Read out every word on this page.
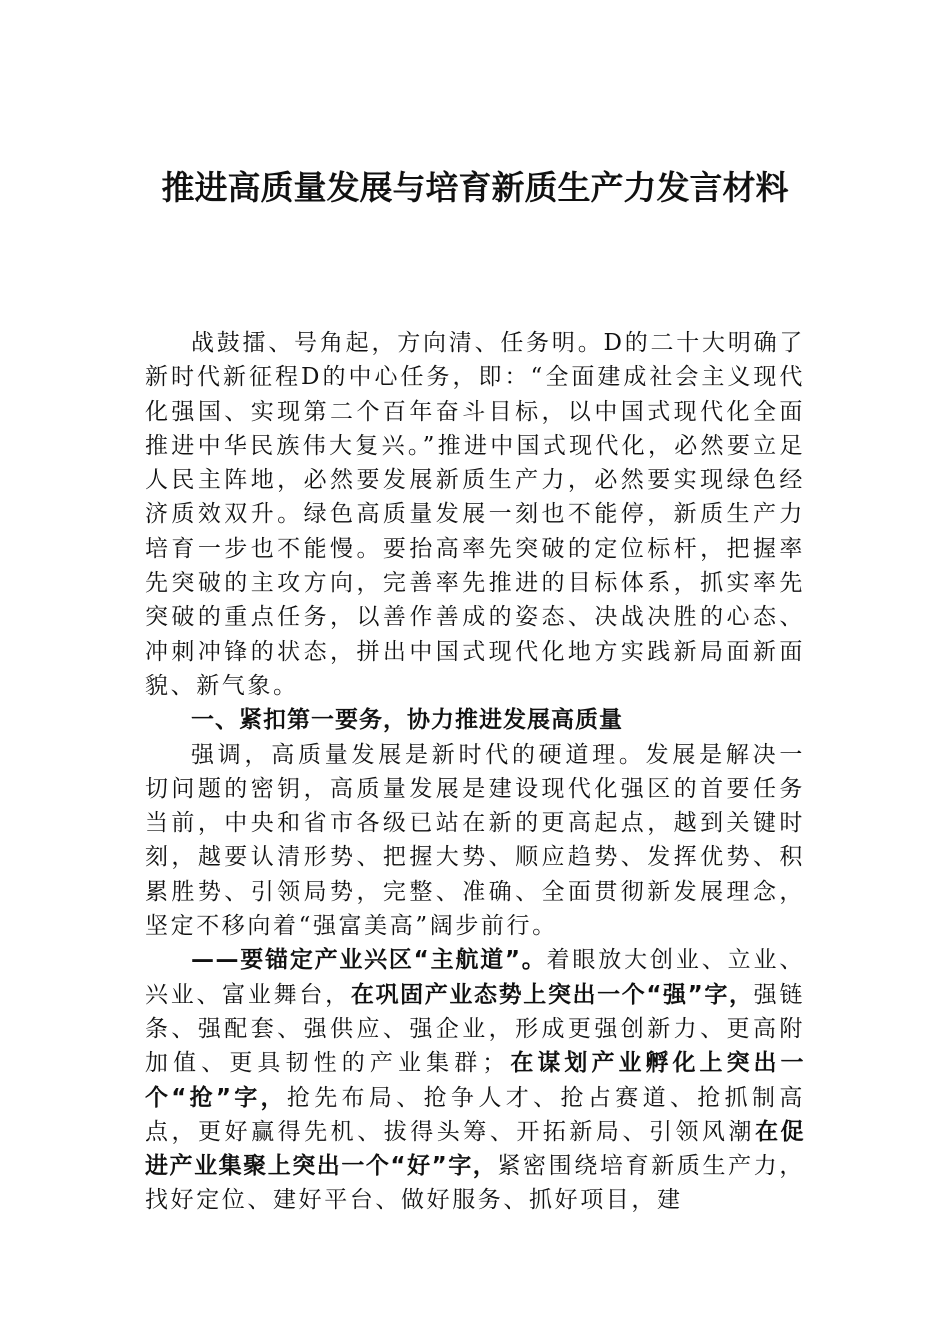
推进高质量发展与培育新质生产力发言材料

战鼓擂、号角起，方向清、任务明。D的二十大明确了新时代新征程D的中心任务，即：“全面建成社会主义现代化强国、实现第二个百年奋斗目标，以中国式现代化全面推进中华民族伟大复兴。”推进中国式现代化，必然要立足人民主阵地，必然要发展新质生产力，必然要实现绿色经济质效双升。绿色高质量发展一刻也不能停，新质生产力培育一步也不能慢。要抬高率先突破的定位标杆，把握率先突破的主攻方向，完善率先推进的目标体系，抓实率先突破的重点任务，以善作善成的姿态、决战决胜的心态、冲刺冲锋的状态，拼出中国式现代化地方实践新局面新面貌、新气象。

一、紧扣第一要务，协力推进发展高质量

强调，高质量发展是新时代的硬道理。发展是解决一切问题的密钥，高质量发展是建设现代化强区的首要任务当前，中央和省市各级已站在新的更高起点，越到关键时刻，越要认清形势、把握大势、顺应趋势、发挥优势、积累胜势、引领局势，完整、准确、全面贯彻新发展理念，坚定不移向着“强富美高”阔步前行。

——要锚定产业兴区“主航道”。着眼放大创业、立业、兴业、富业舞台，在巩固产业态势上突出一个“强”字，强链条、强配套、强供应、强企业，形成更强创新力、更高附加值、更具韧性的产业集群；在谋划产业孵化上突出一个“抢”字，抢先布局、抢争人才、抢占赛道、抢抓制高点，更好赢得先机、拔得头筹、开拓新局、引领风潮在促进产业集聚上突出一个“好”字，紧密围绕培育新质生产力，找好定位、建好平台、做好服务、抓好项目，建
